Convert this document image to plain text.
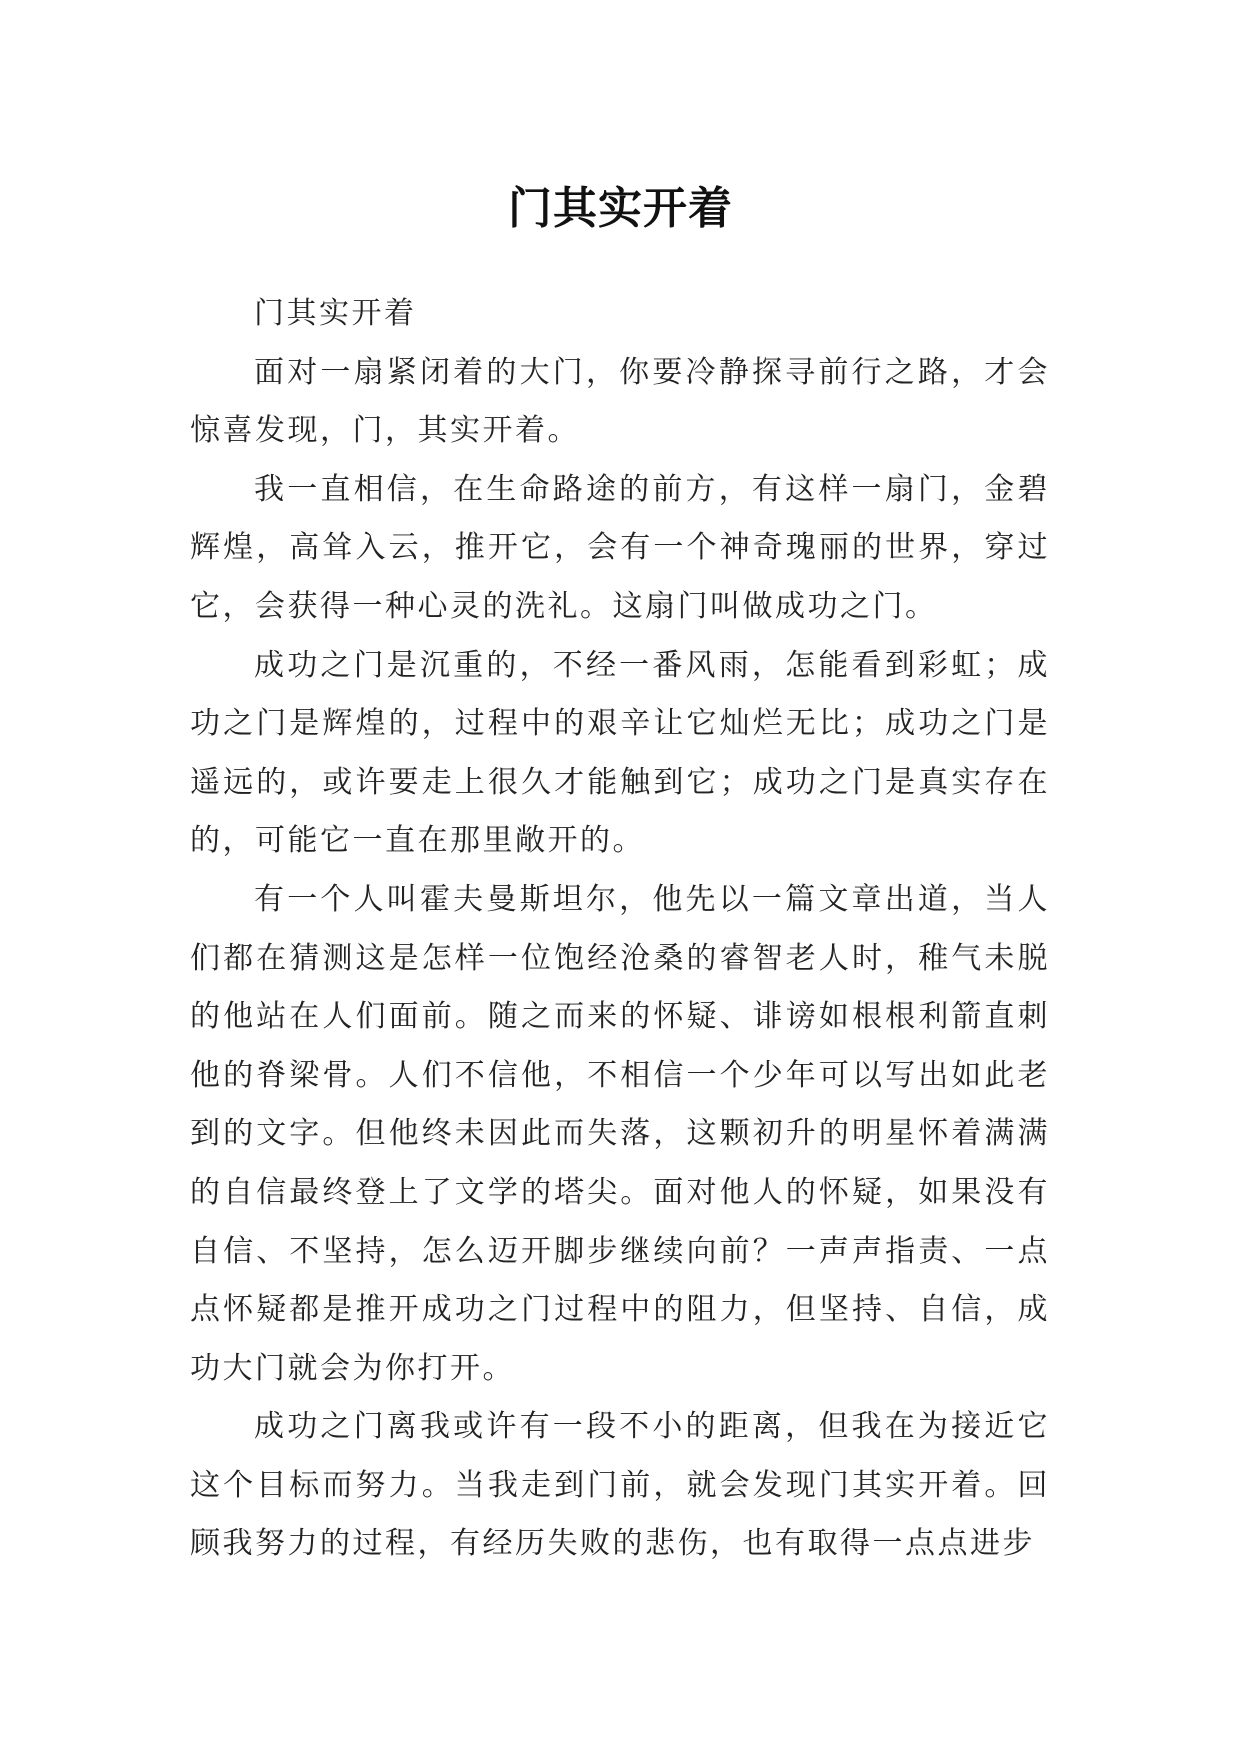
门其实开着

门其实开着

面对一扇紧闭着的大门，你要冷静探寻前行之路，才会惊喜发现，门，其实开着。

我一直相信，在生命路途的前方，有这样一扇门，金碧辉煌，高耸入云，推开它，会有一个神奇瑰丽的世界，穿过它，会获得一种心灵的洗礼。这扇门叫做成功之门。

成功之门是沉重的，不经一番风雨，怎能看到彩虹；成功之门是辉煌的，过程中的艰辛让它灿烂无比；成功之门是遥远的，或许要走上很久才能触到它；成功之门是真实存在的，可能它一直在那里敞开的。

有一个人叫霍夫曼斯坦尔，他先以一篇文章出道，当人们都在猜测这是怎样一位饱经沧桑的睿智老人时，稚气未脱的他站在人们面前。随之而来的怀疑、诽谤如根根利箭直刺他的脊梁骨。人们不信他，不相信一个少年可以写出如此老到的文字。但他终未因此而失落，这颗初升的明星怀着满满的自信最终登上了文学的塔尖。面对他人的怀疑，如果没有自信、不坚持，怎么迈开脚步继续向前？一声声指责、一点点怀疑都是推开成功之门过程中的阻力，但坚持、自信，成功大门就会为你打开。

成功之门离我或许有一段不小的距离，但我在为接近它这个目标而努力。当我走到门前，就会发现门其实开着。回顾我努力的过程，有经历失败的悲伤，也有取得一点点进步
